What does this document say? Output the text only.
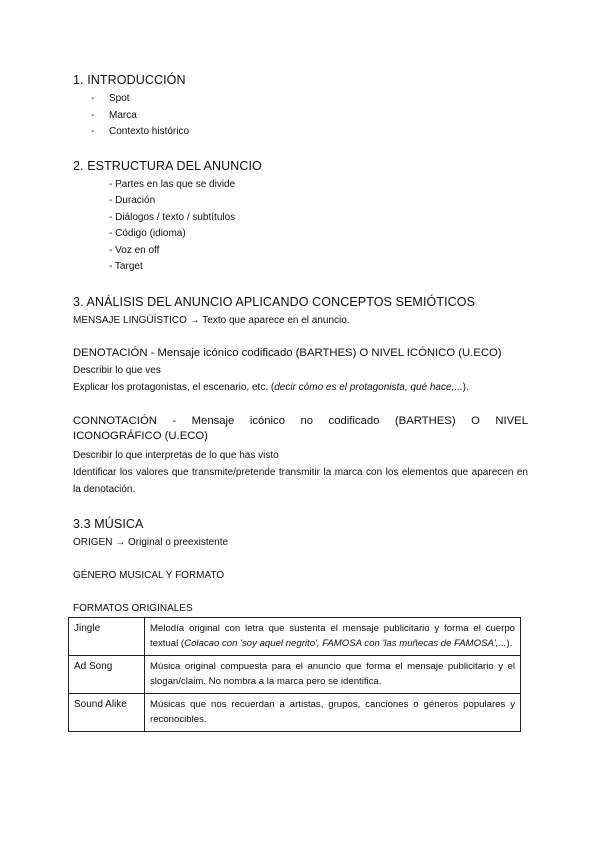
1. INTRODUCCIÓN
- Spot
- Marca
- Contexto histórico
2. ESTRUCTURA DEL ANUNCIO
- Partes en las que se divide
- Duración
- Diálogos / texto / subtítulos
- Código (idioma)
- Voz en off
- Target
3. ANÁLISIS DEL ANUNCIO APLICANDO CONCEPTOS SEMIÓTICOS
MENSAJE LINGÜÍSTICO → Texto que aparece en el anuncio.
DENOTACIÓN - Mensaje icónico codificado (BARTHES) O NIVEL ICÓNICO (U.ECO)
Describir lo que ves
Explicar los protagonistas, el escenario, etc. (decir cómo es el protagonista, qué hace,...).
CONNOTACIÓN - Mensaje icónico no codificado (BARTHES) O NIVEL
ICONOGRÁFICO (U.ECO)
Describir lo que interpretas de lo que has visto
Identificar los valores que transmite/pretende transmitir la marca con los elementos que aparecen en la denotación.
3.3 MÚSICA
ORIGEN → Original o preexistente
GÉNERO MUSICAL Y FORMATO
FORMATOS ORIGINALES
Jingle	Melodía original con letra que sustenta el mensaje publicitario y forma el cuerpo textual (Colacao con 'soy aquel negrito', FAMOSA con 'las muñecas de FAMOSA',...).
Ad Song	Música original compuesta para el anuncio que forma el mensaje publicitario y el slogan/claim. No nombra a la marca pero se identifica.
Sound Alike	Músicas que nos recuerdan a artistas, grupos, canciones o géneros populares y reconocibles.
